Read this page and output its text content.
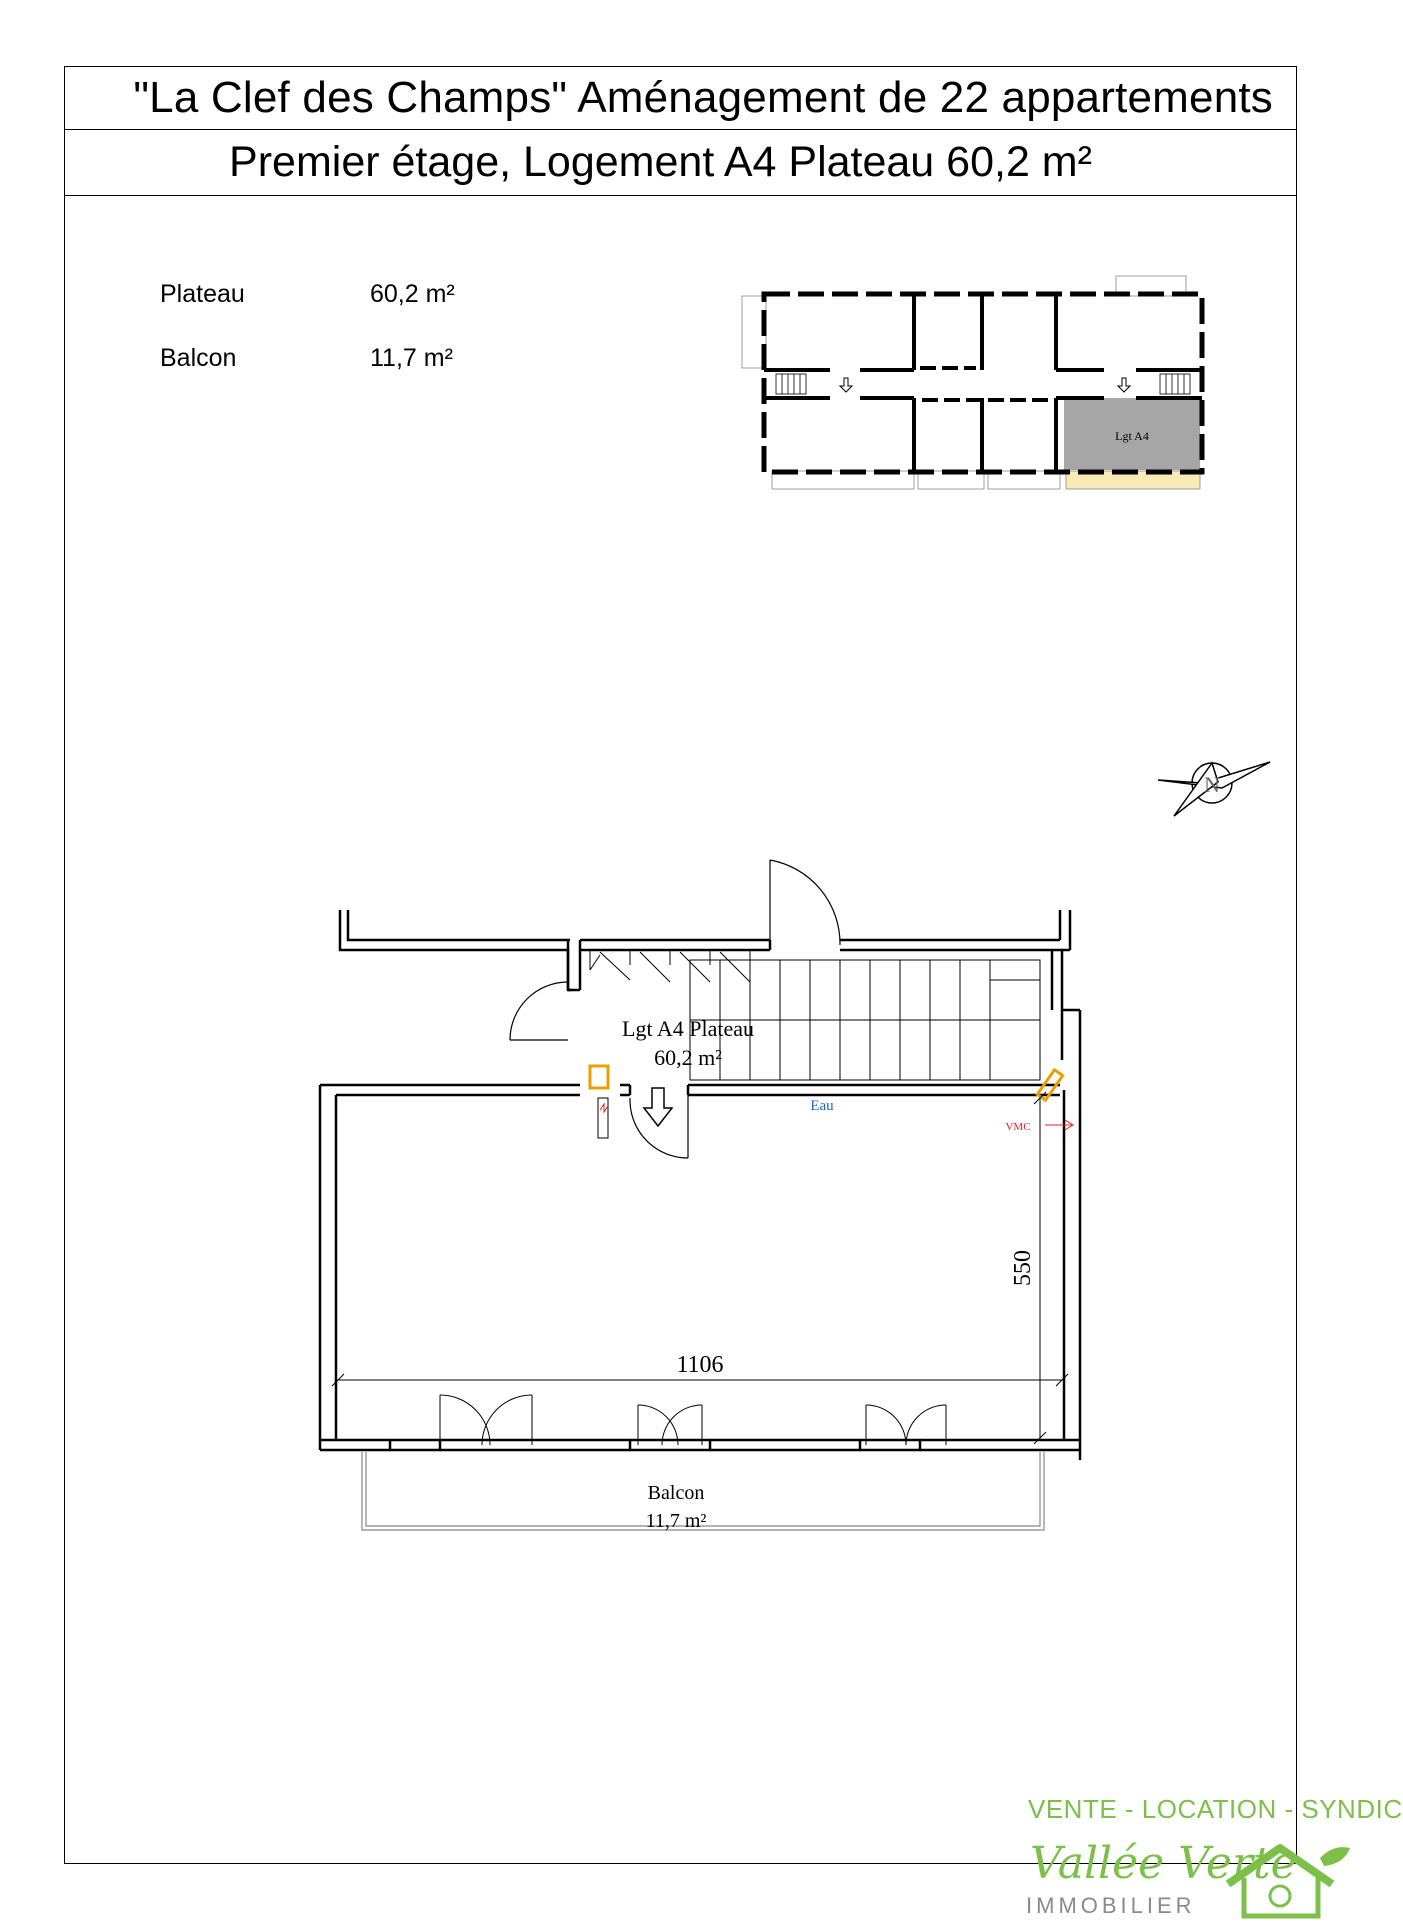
"La Clef des Champs" Aménagement de 22 appartements
Premier étage, Logement A4 Plateau 60,2 m²
Plateau	60,2 m²
Balcon	11,7 m²
Lgt A4
N
Lgt A4 Plateau
60,2 m²
1106
550
Balcon
11,7 m²
Eau
VMC
VENTE - LOCATION - SYNDIC
Vallée Verte
IMMOBILIER
